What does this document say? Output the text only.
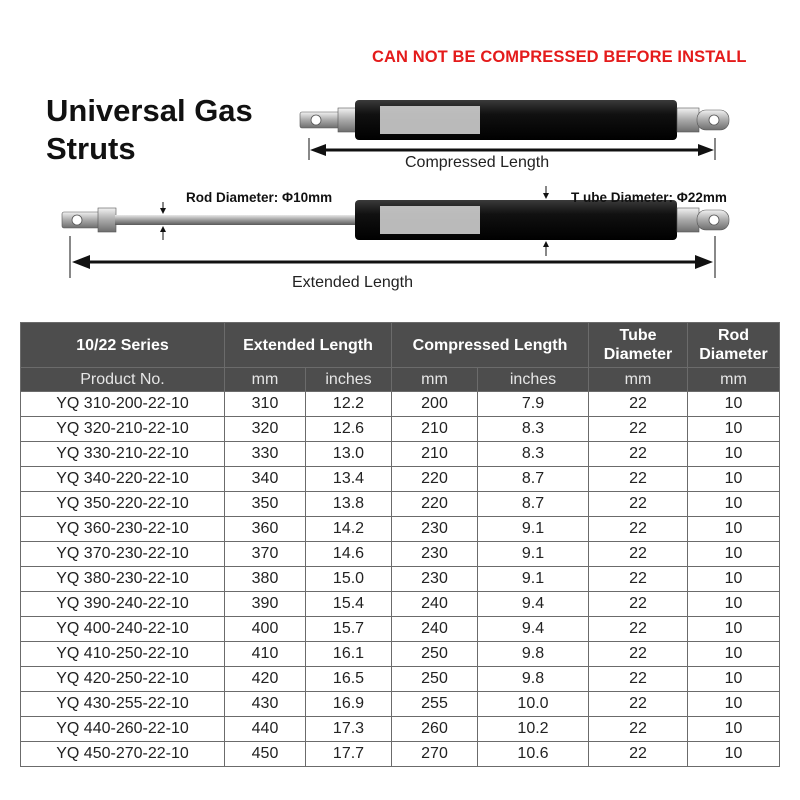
CAN NOT BE COMPRESSED BEFORE INSTALL
Universal Gas
Struts	Compressed Length
Rod Diameter: Φ10mm	T ube Diameter: Φ22mm
Extended Length
10/22 Series	Extended Length		Compressed Length		Tube Diameter	Rod Diameter
Product No.	mm	inches	mm	inches	mm	mm
YQ 310-200-22-10	310	12.2	200	7.9	22	10
YQ 320-210-22-10	320	12.6	210	8.3	22	10
YQ 330-210-22-10	330	13.0	210	8.3	22	10
YQ 340-220-22-10	340	13.4	220	8.7	22	10
YQ 350-220-22-10	350	13.8	220	8.7	22	10
YQ 360-230-22-10	360	14.2	230	9.1	22	10
YQ 370-230-22-10	370	14.6	230	9.1	22	10
YQ 380-230-22-10	380	15.0	230	9.1	22	10
YQ 390-240-22-10	390	15.4	240	9.4	22	10
YQ 400-240-22-10	400	15.7	240	9.4	22	10
YQ 410-250-22-10	410	16.1	250	9.8	22	10
YQ 420-250-22-10	420	16.5	250	9.8	22	10
YQ 430-255-22-10	430	16.9	255	10.0	22	10
YQ 440-260-22-10	440	17.3	260	10.2	22	10
YQ 450-270-22-10	450	17.7	270	10.6	22	10
